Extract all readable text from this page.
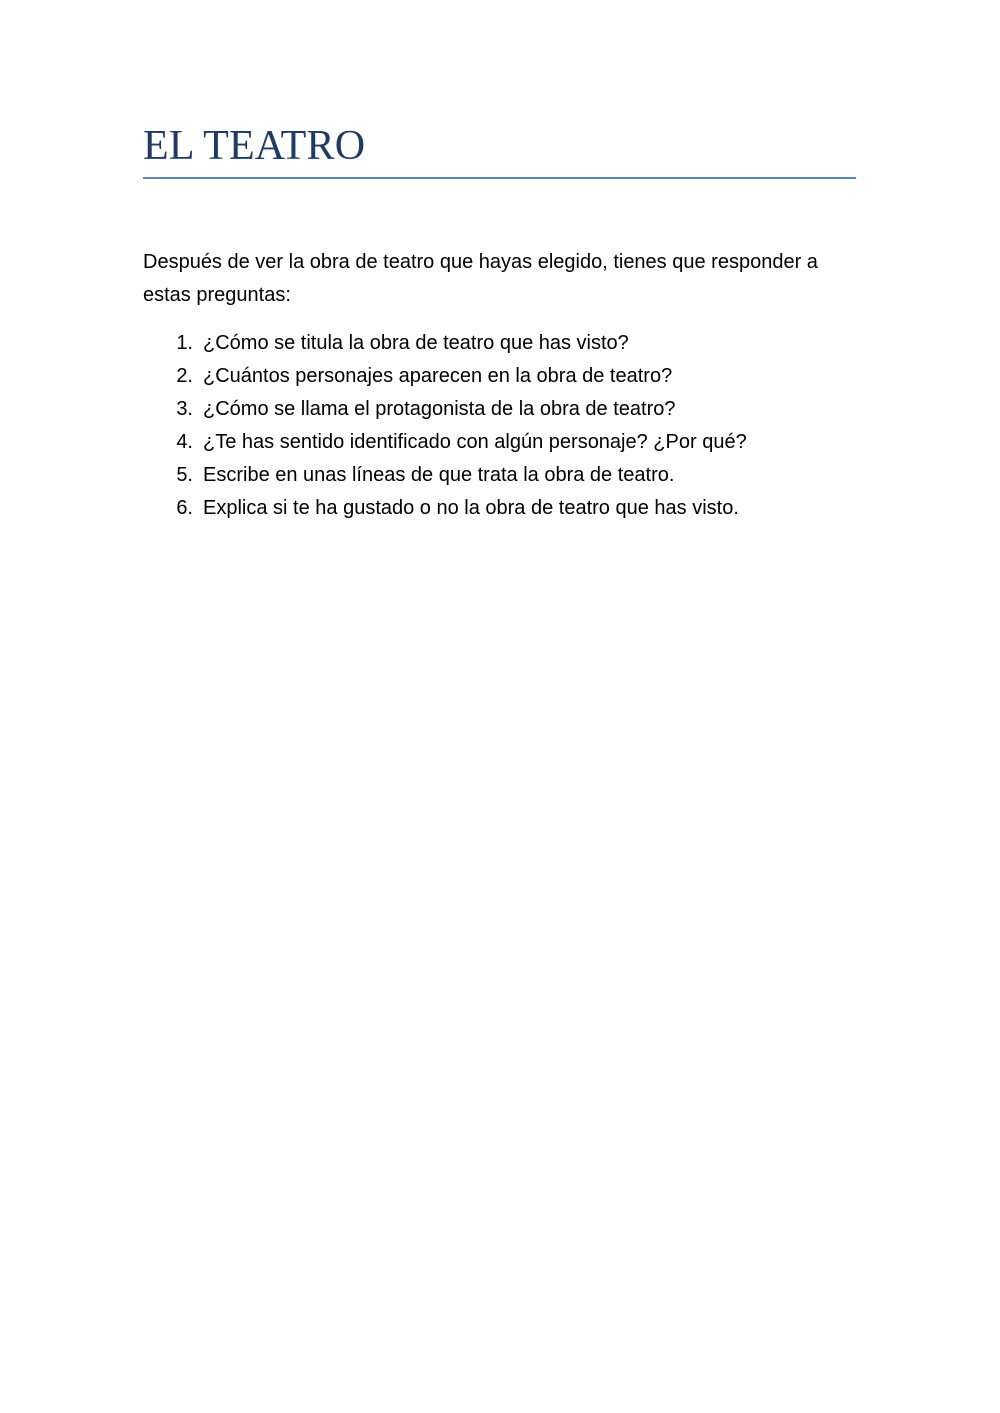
EL TEATRO

Después de ver la obra de teatro que hayas elegido, tienes que responder a estas preguntas:

1. ¿Cómo se titula la obra de teatro que has visto?
2. ¿Cuántos personajes aparecen en la obra de teatro?
3. ¿Cómo se llama el protagonista de la obra de teatro?
4. ¿Te has sentido identificado con algún personaje? ¿Por qué?
5. Escribe en unas líneas de que trata la obra de teatro.
6. Explica si te ha gustado o no la obra de teatro que has visto.
